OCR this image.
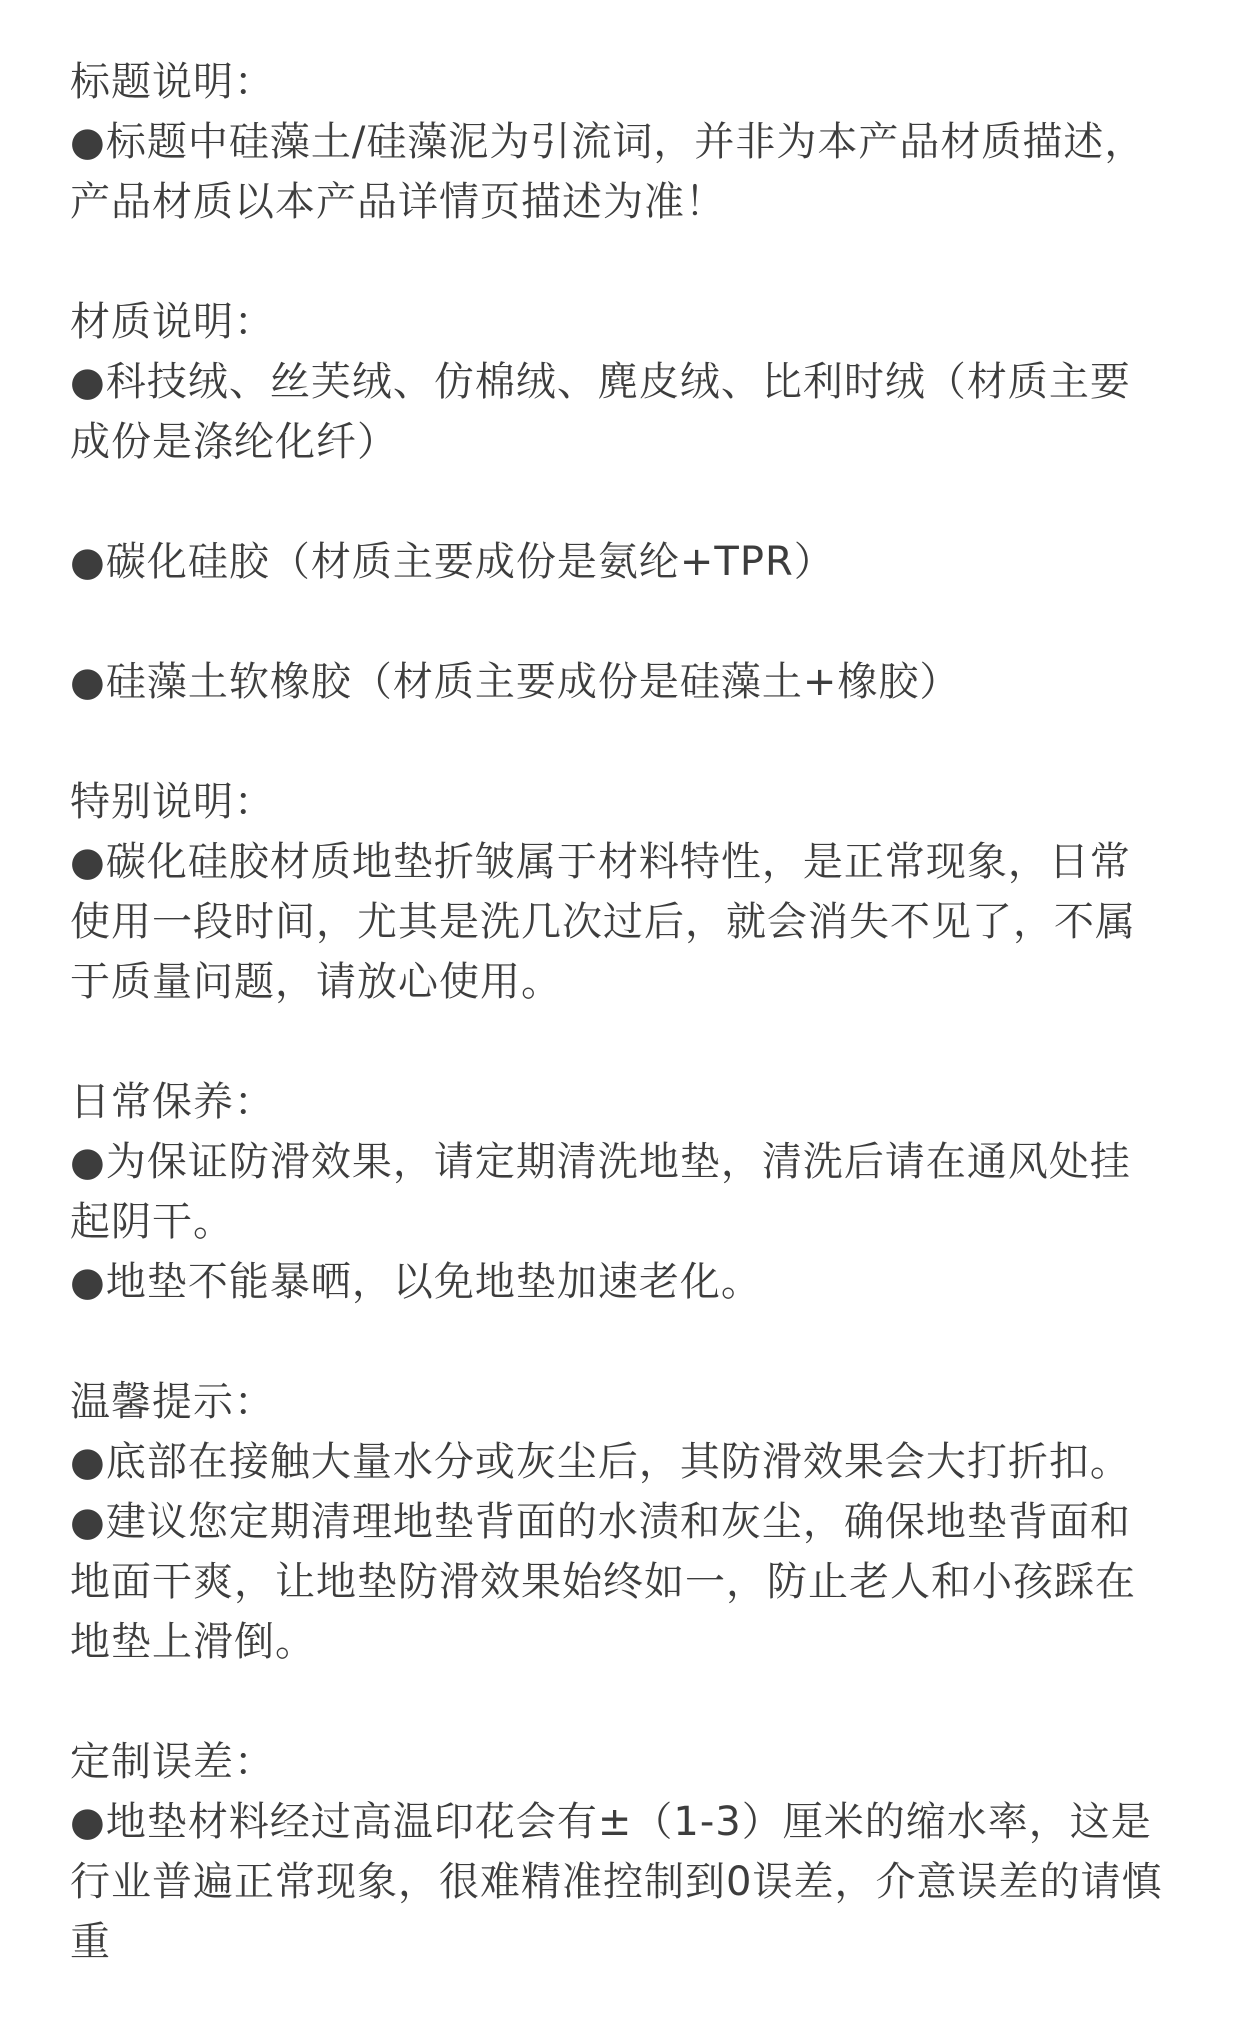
标题说明：
●标题中硅藻土/硅藻泥为引流词，并非为本产品材质描述，产品材质以本产品详情页描述为准！
材质说明：
●科技绒、丝芙绒、仿棉绒、麂皮绒、比利时绒（材质主要成份是涤纶化纤）
●碳化硅胶（材质主要成份是氨纶+TPR）
●硅藻土软橡胶（材质主要成份是硅藻土+橡胶）
特别说明：
●碳化硅胶材质地垫折皱属于材料特性，是正常现象，日常使用一段时间，尤其是洗几次过后，就会消失不见了，不属于质量问题，请放心使用。
日常保养：
●为保证防滑效果，请定期清洗地垫，清洗后请在通风处挂起阴干。
●地垫不能暴晒，以免地垫加速老化。
温馨提示：
●底部在接触大量水分或灰尘后，其防滑效果会大打折扣。
●建议您定期清理地垫背面的水渍和灰尘，确保地垫背面和地面干爽，让地垫防滑效果始终如一，防止老人和小孩踩在地垫上滑倒。
定制误差：
●地垫材料经过高温印花会有±（1-3）厘米的缩水率，这是行业普遍正常现象，很难精准控制到0误差，介意误差的请慎重
